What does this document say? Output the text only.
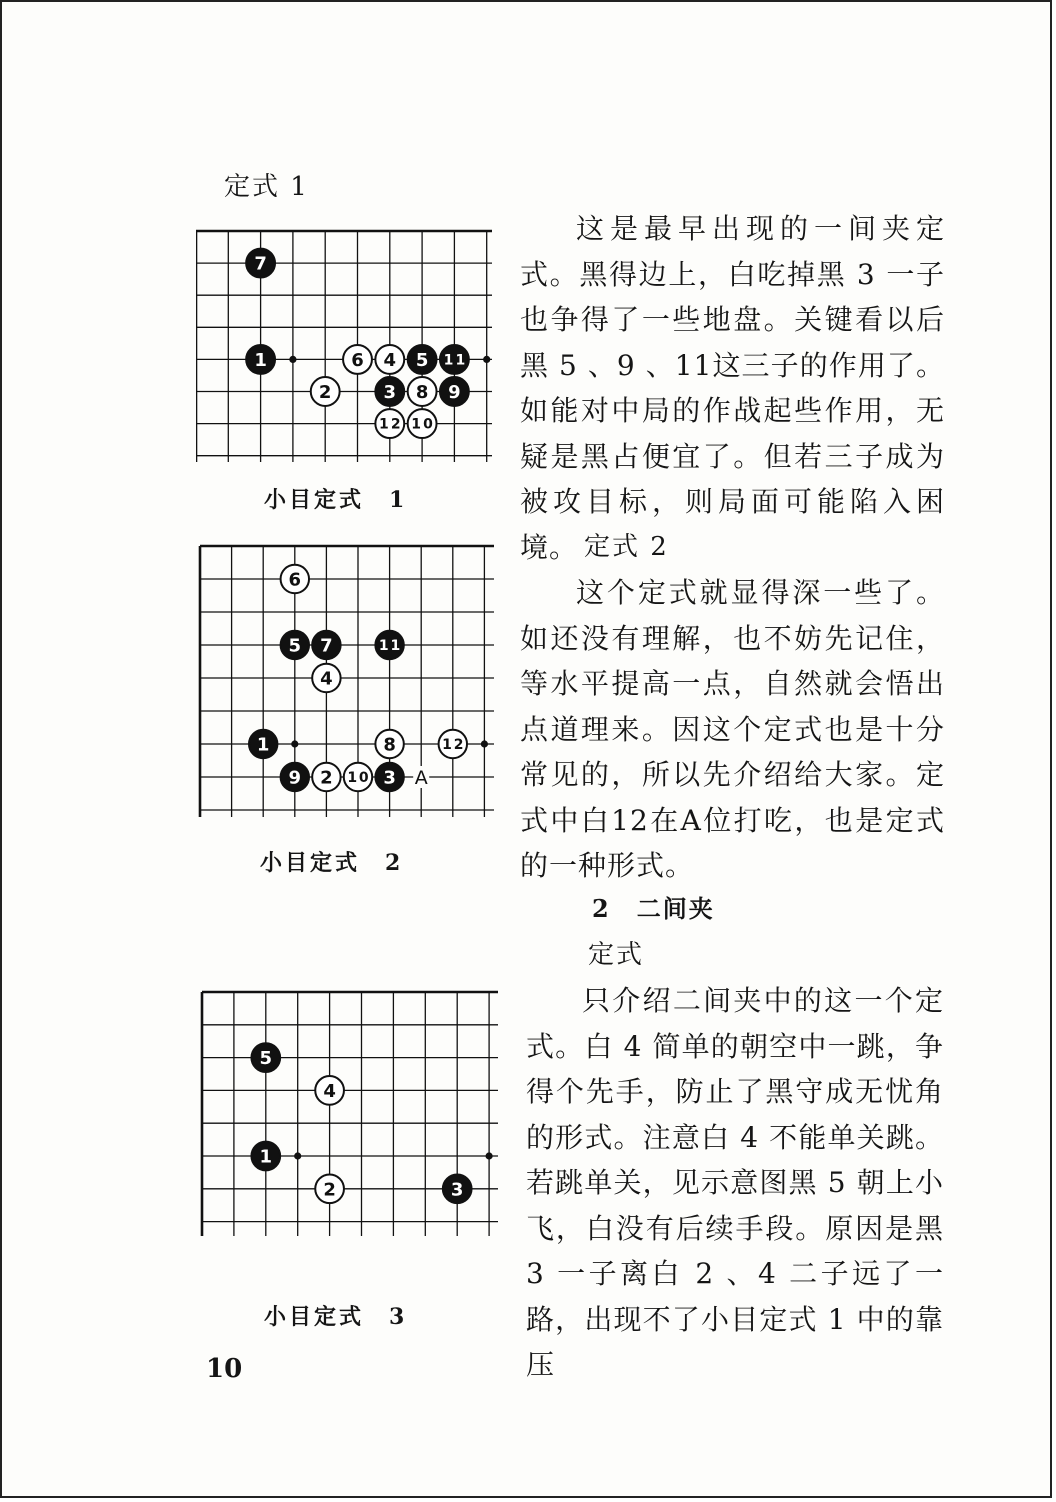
定式 1
7
1	6 4 5 11
2	3 8 9
12 10
小目定式　1
A
6
5 7	11
4
1	8	12
9 2 10 3
小目定式　2
5
4
1
2	3
小目定式　3

这是最早出现的一间夹定式。黑得边上，白吃掉黑 3 一子也争得了一些地盘。关键看以后黑 5 、9 、11这三子的作用了。如能对中局的作战起些作用，无疑是黑占便宜了。但若三子成为被攻目标，则局面可能陷入困境。 定式 2

这个定式就显得深一些了。如还没有理解，也不妨先记住，等水平提高一点，自然就会悟出点道理来。因这个定式也是十分常见的，所以先介绍给大家。定式中白12在A位打吃，也是定式的一种形式。

2　二间夹
定式

只介绍二间夹中的这一个定式。白 4 简单的朝空中一跳，争得个先手，防止了黑守成无忧角的形式。注意白 4 不能单关跳。若跳单关，见示意图黑 5 朝上小飞，白没有后续手段。原因是黑 3 一子离白 2 、4 二子远了一路，出现不了小目定式 1 中的靠压

10
